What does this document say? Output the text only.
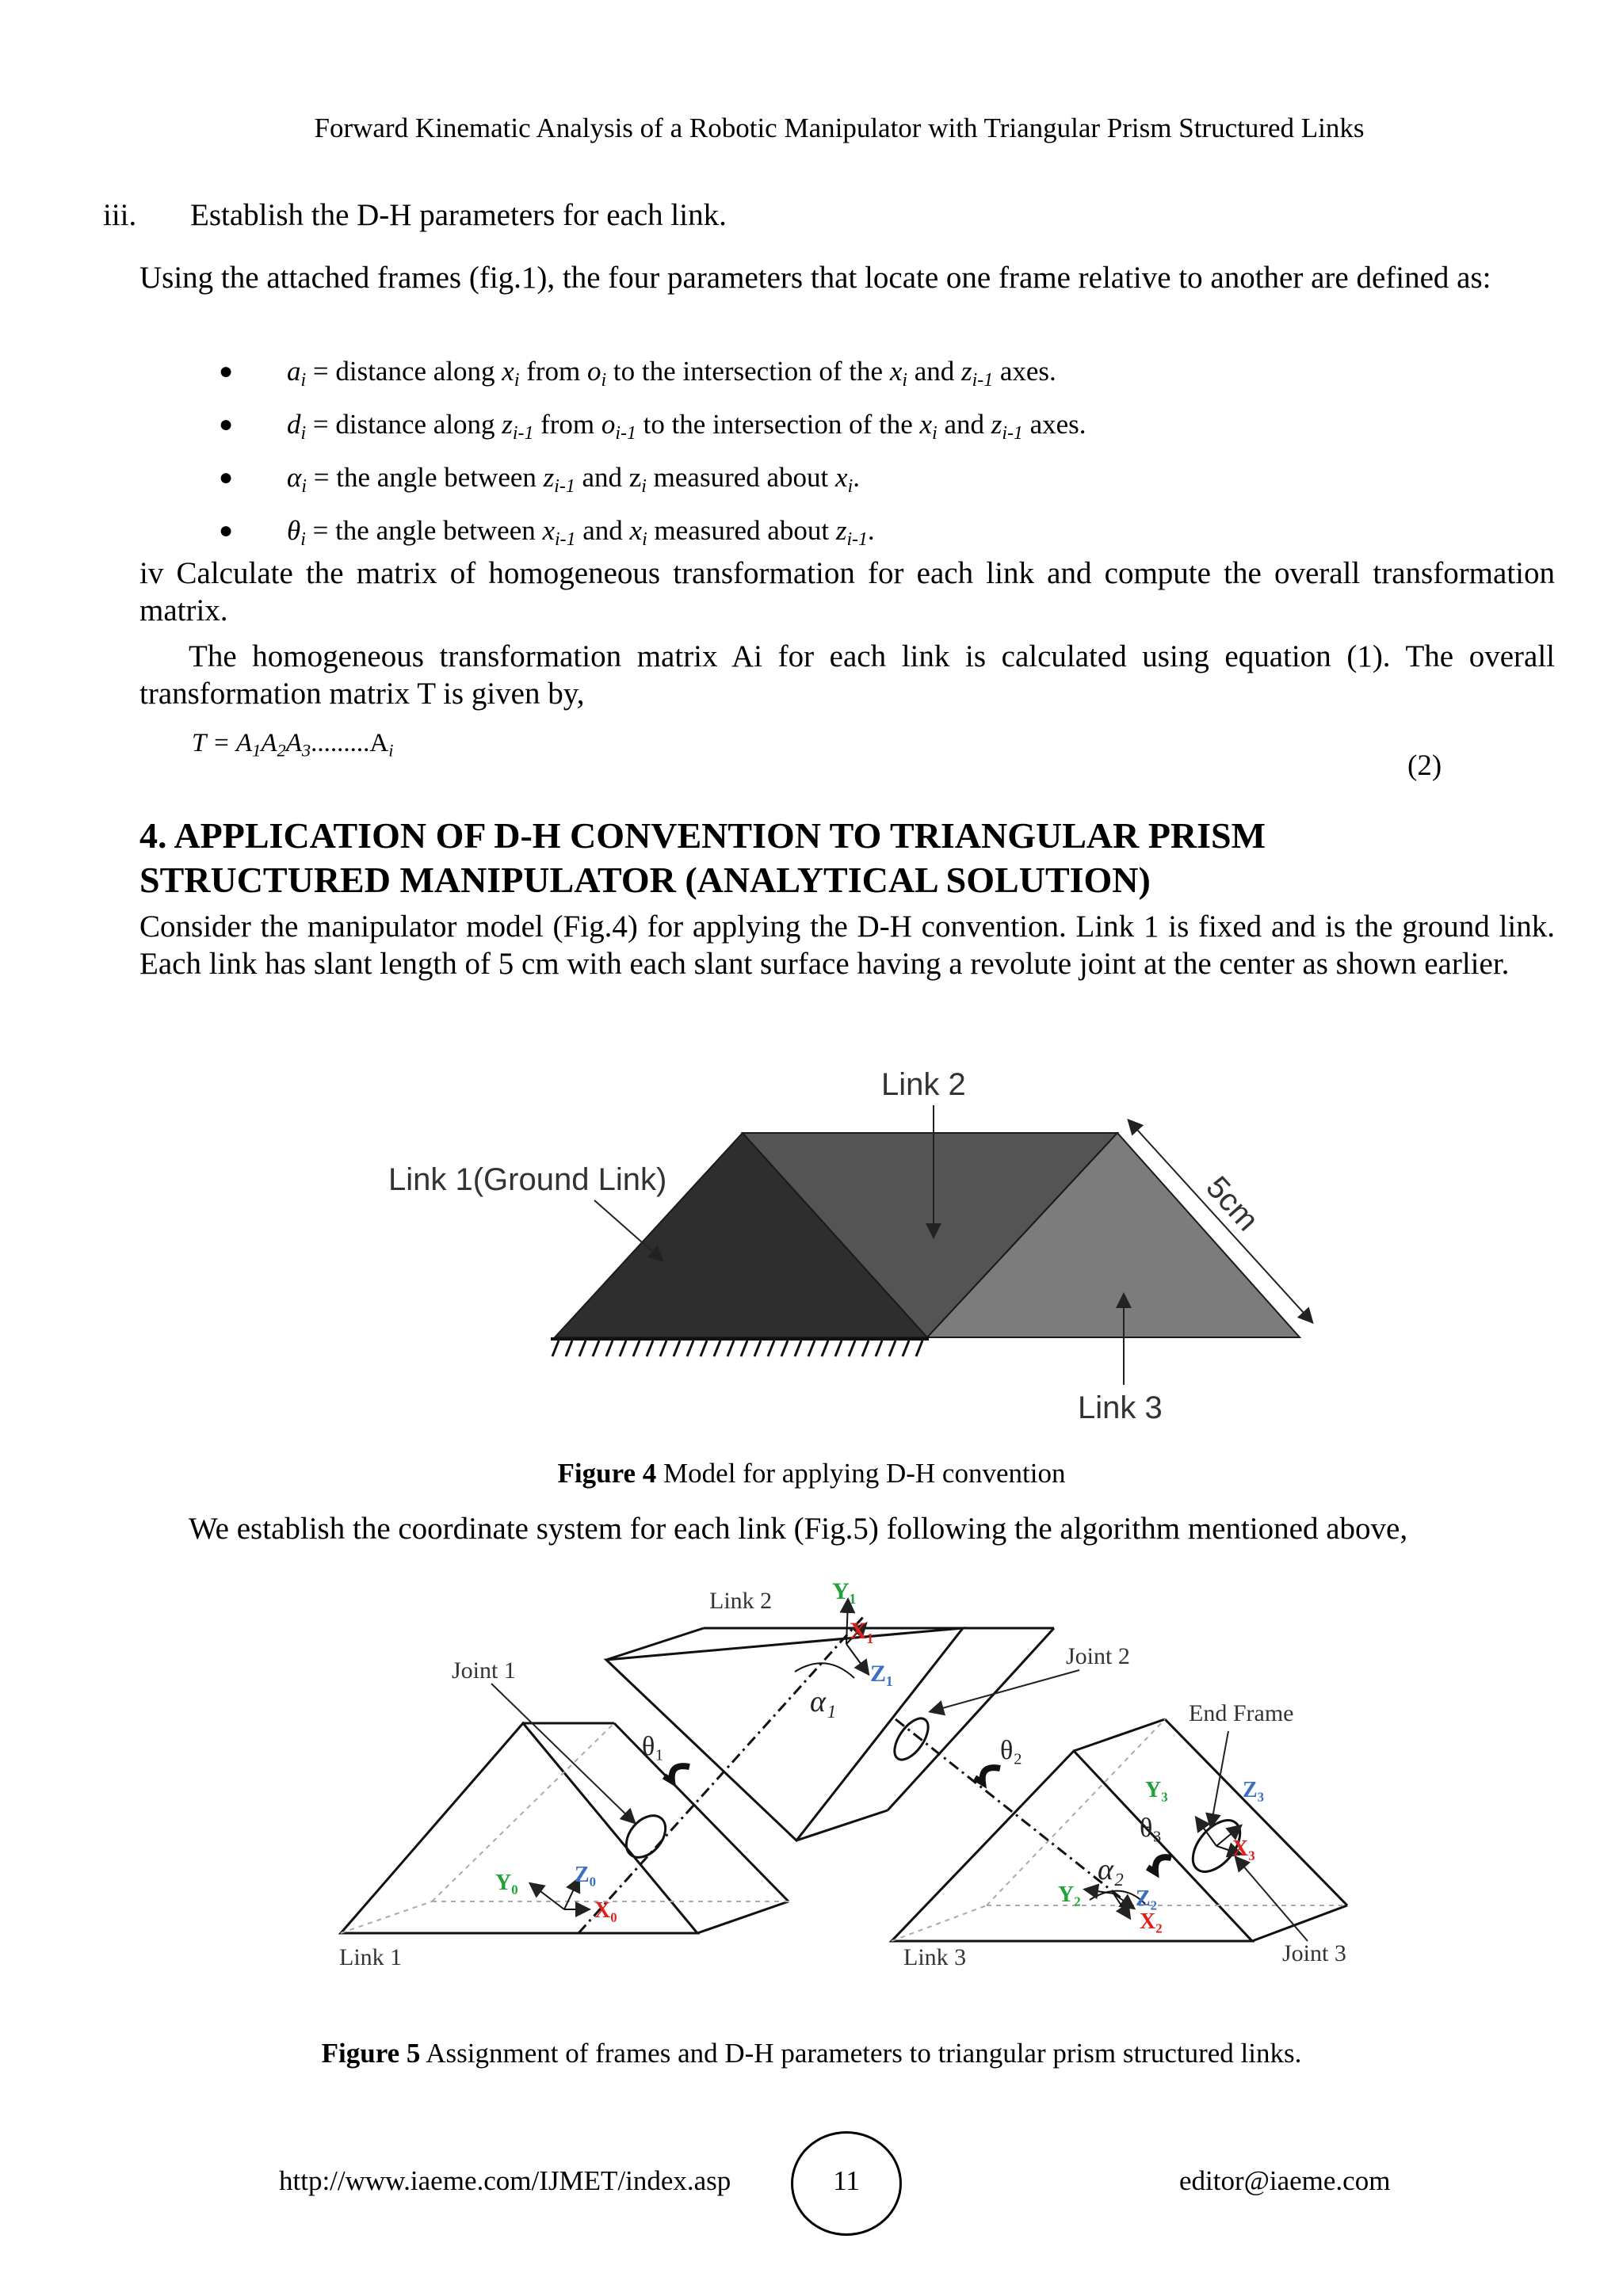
Forward Kinematic Analysis of a Robotic Manipulator with Triangular Prism Structured Links
iii. Establish the D-H parameters for each link.
Using the attached frames (fig.1), the four parameters that locate one frame relative to another are defined as:
● $a_i$ = distance along $x_i$ from $o_i$ to the intersection of the $x_i$ and $z_{i-1}$ axes.
● $d_i$ = distance along $z_{i-1}$ from $o_{i-1}$ to the intersection of the $x_i$ and $z_{i-1}$ axes.
● $\alpha_i$ = the angle between $z_{i-1}$ and $z_i$ measured about $x_i$.
● $\theta_i$ = the angle between $x_{i-1}$ and $x_i$ measured about $z_{i-1}$.
iv Calculate the matrix of homogeneous transformation for each link and compute the overall transformation matrix.
The homogeneous transformation matrix Ai for each link is calculated using equation (1). The overall transformation matrix T is given by,
$T = A_1A_2A_3.........A_i$	(2)
4. APPLICATION OF D-H CONVENTION TO TRIANGULAR PRISM
STRUCTURED MANIPULATOR (ANALYTICAL SOLUTION)
Consider the manipulator model (Fig.4) for applying the D-H convention. Link 1 is fixed and is the ground link. Each link has slant length of 5 cm with each slant surface having a revolute joint at the center as shown earlier.
Link 2
Link 1(Ground Link)	5cm
Link 3
Figure 4 Model for applying D-H convention
We establish the coordinate system for each link (Fig.5) following the algorithm mentioned above,
Link 2	Y₁
X₁
Z₁
α₁
Joint 1
Joint 2
End Frame
θ₁	θ₂
θ₃
Y₃	Z₃
X₃
Y₀	Z₀
X₀
α₂
Y₂ Z₂
X₂
Link 1	Link 3	Joint 3
Figure 5 Assignment of frames and D-H parameters to triangular prism structured links.
http://www.iaeme.com/IJMET/index.asp	11	editor@iaeme.com
